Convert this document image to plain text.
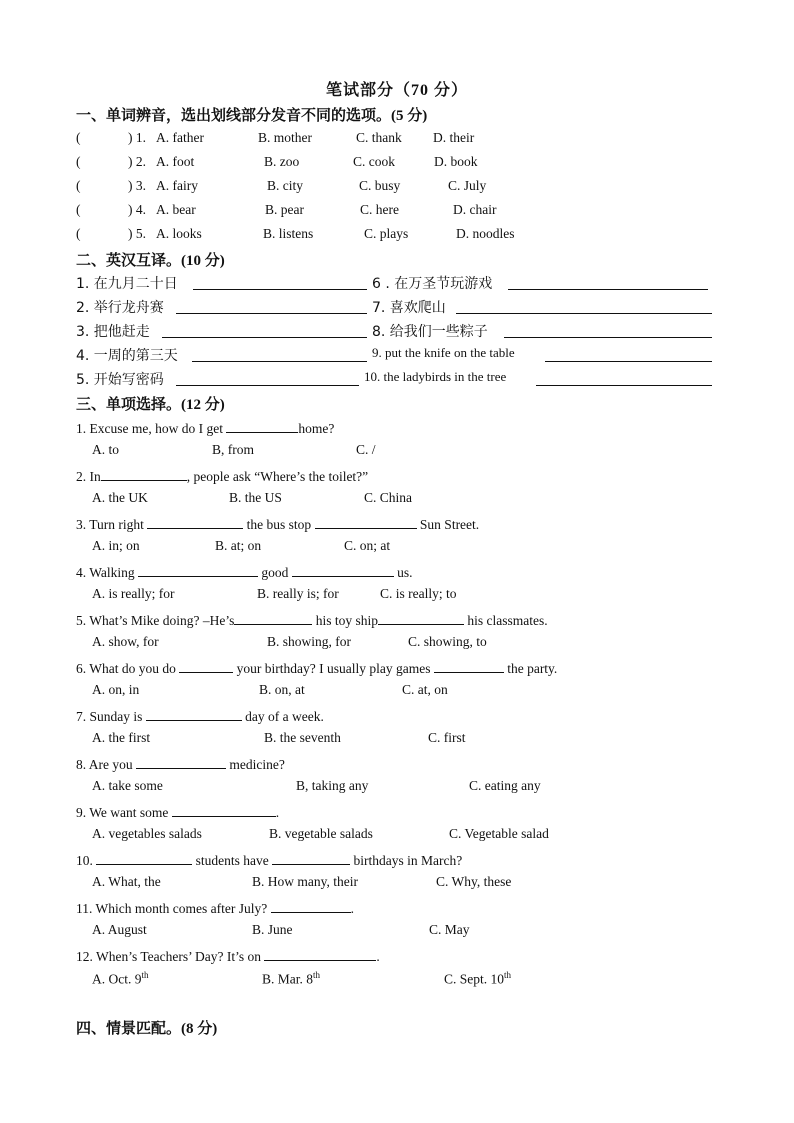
笔试部分（70 分）
一、单词辨音，选出划线部分发音不同的选项。(5 分)
(	) 1. A. father	B. mother	C. thank D. their
(	) 2. A. foot	B. zoo	C. cook	D. book
(	) 3. A. fairy	B. city	C. busy	C. July
(	) 4. A. bear	B. pear	C. here	D. chair
(	) 5. A. looks	B. listens	C. plays	D. noodles
二、英汉互译。(10 分)
1. 在九月二十日	6 . 在万圣节玩游戏
2. 举行龙舟赛	7. 喜欢爬山
3. 把他赶走	8. 给我们一些粽子
4. 一周的第三天	9. put the knife on the table
5. 开始写密码	10. the ladybirds in the tree
三、单项选择。(12 分)
1. Excuse me, how do I get	home?
A. to	B, from	C. /
2. In	, people ask “Where’s the toilet?”
A. the UK	B. the US	C. China
3. Turn right	the bus stop	Sun Street.
A. in; on	B. at; on	C. on; at
4. Walking	good	us.
A. is really; for	B. really is; for	C. is really; to
5. What’s Mike doing? –He’s	his toy ship	his classmates.
A. show, for	B. showing, for	C. showing, to
6. What do you do	your birthday? I usually play games	the party.
A. on, in	B. on, at	C. at, on
7. Sunday is	day of a week.
A. the first	B. the seventh	C. first
8. Are you	medicine?
A. take some	B, taking any	C. eating any
9. We want some	.
A. vegetables salads	B. vegetable salads	C. Vegetable salad
10.	students have	birthdays in March?
A. What, the	B. How many, their	C. Why, these
11. Which month comes after July?	.
A. August	B. June	C. May
12. When’s Teachers’ Day? It’s on	.
A. Oct. 9th	B. Mar. 8th	C. Sept. 10th
四、情景匹配。(8 分)
